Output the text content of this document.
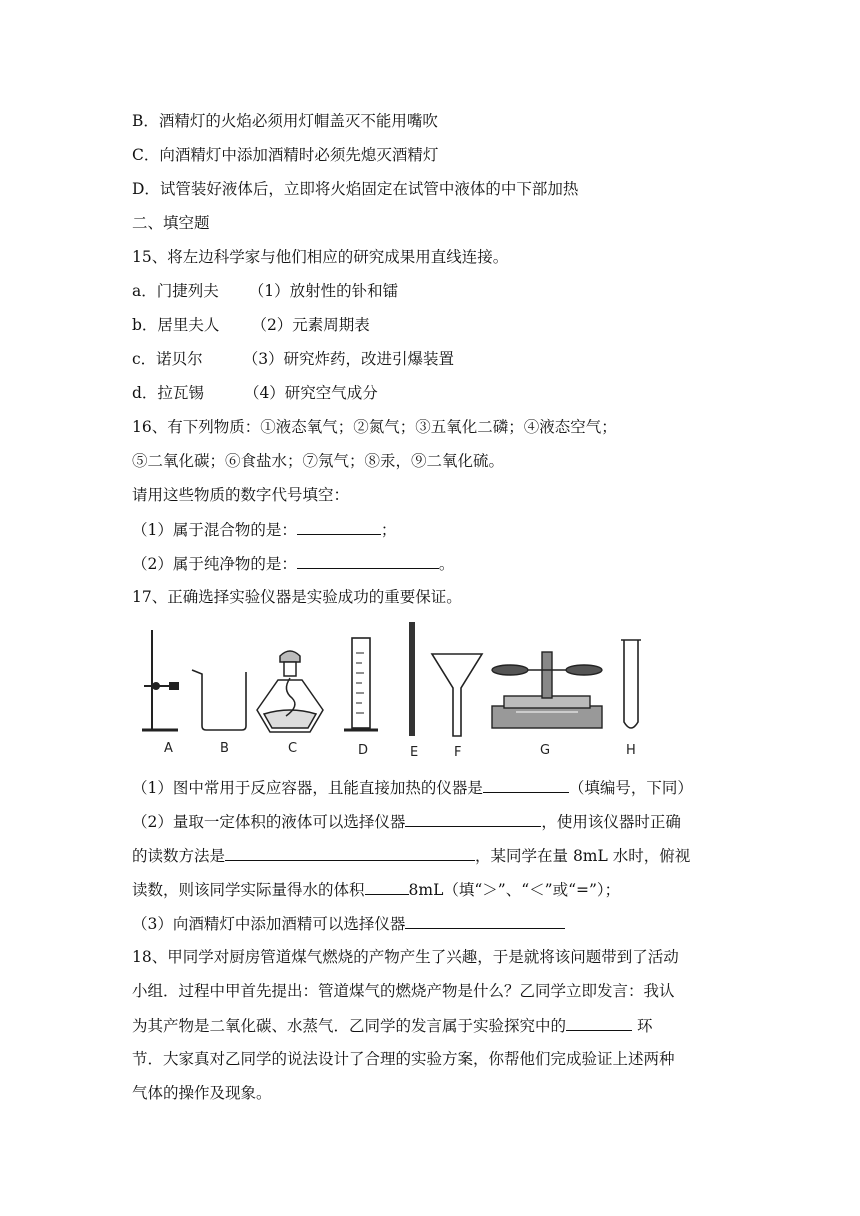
B．酒精灯的火焰必须用灯帽盖灭不能用嘴吹
C．向酒精灯中添加酒精时必须先熄灭酒精灯
D．试管装好液体后，立即将火焰固定在试管中液体的中下部加热
二、填空题
15、将左边科学家与他们相应的研究成果用直线连接。
a．门捷列夫 （1）放射性的钋和镭
b．居里夫人 （2）元素周期表
c．诺贝尔	（3）研究炸药，改进引爆装置
d．拉瓦锡	（4）研究空气成分
16、有下列物质：①液态氧气；②氮气；③五氧化二磷；④液态空气；
⑤二氧化碳；⑥食盐水；⑦氖气；⑧汞，⑨二氧化硫。
请用这些物质的数字代号填空：
（1）属于混合物的是：	；
（2）属于纯净物的是：	。
17、正确选择实验仪器是实验成功的重要保证。
A	B	C	D	E	F	G	H
（1）图中常用于反应容器，且能直接加热的仪器是	（填编号，下同）
（2）量取一定体积的液体可以选择仪器	，使用该仪器时正确
的读数方法是	，某同学在量 8mL 水时，俯视
读数，则该同学实际量得水的体积	8mL（填“＞”、“＜”或“=”）；
（3）向酒精灯中添加酒精可以选择仪器
18、甲同学对厨房管道煤气燃烧的产物产生了兴趣，于是就将该问题带到了活动
小组．过程中甲首先提出：管道煤气的燃烧产物是什么？乙同学立即发言：我认
为其产物是二氧化碳、水蒸气．乙同学的发言属于实验探究中的	环
节．大家真对乙同学的说法设计了合理的实验方案，你帮他们完成验证上述两种
气体的操作及现象。
